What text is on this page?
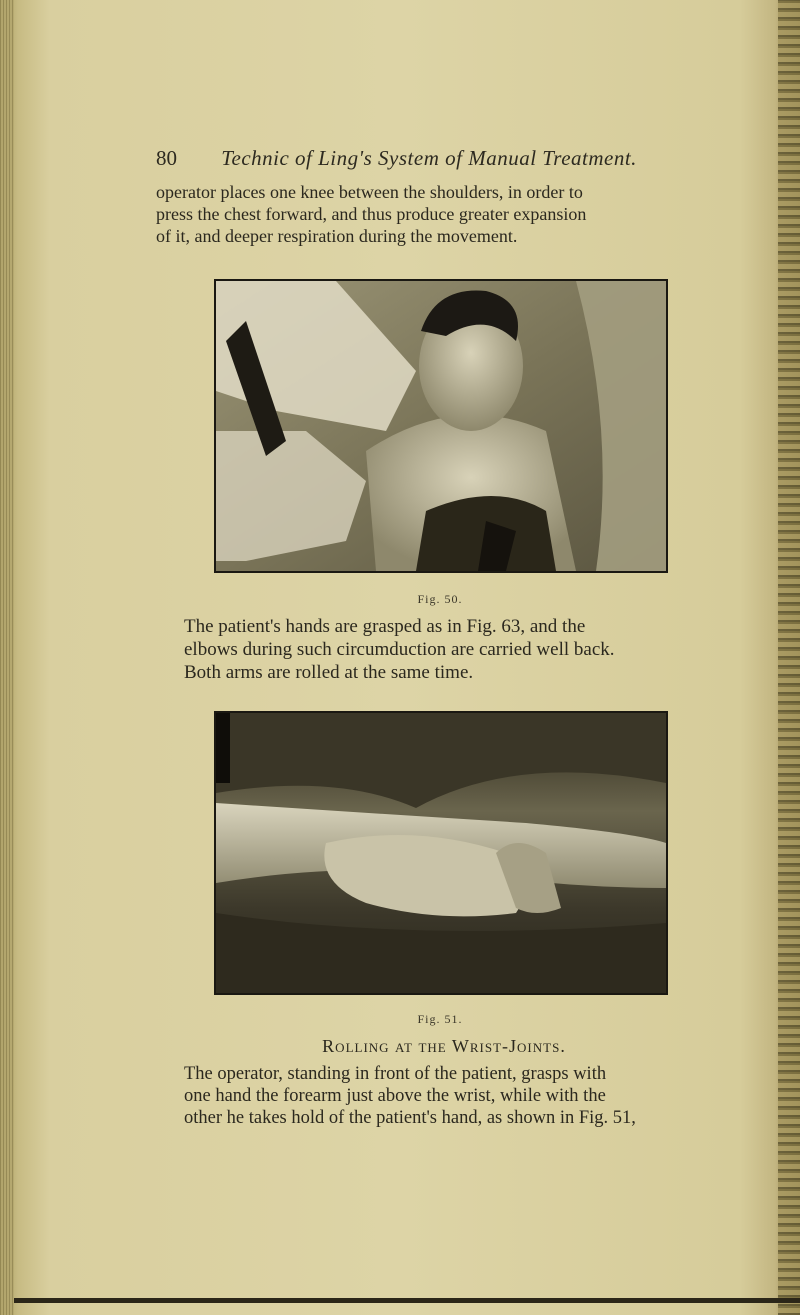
80 Technic of Ling's System of Manual Treatment.

operator places one knee between the shoulders, in order to
press the chest forward, and thus produce greater expansion
of it, and deeper respiration during the movement.

Fig. 50.

The patient's hands are grasped as in Fig. 63, and the
elbows during such circumduction are carried well back.
Both arms are rolled at the same time.

Fig. 51.
Rolling at the Wrist-Joints.

The operator, standing in front of the patient, grasps with
one hand the forearm just above the wrist, while with the
other he takes hold of the patient's hand, as shown in Fig. 51,
